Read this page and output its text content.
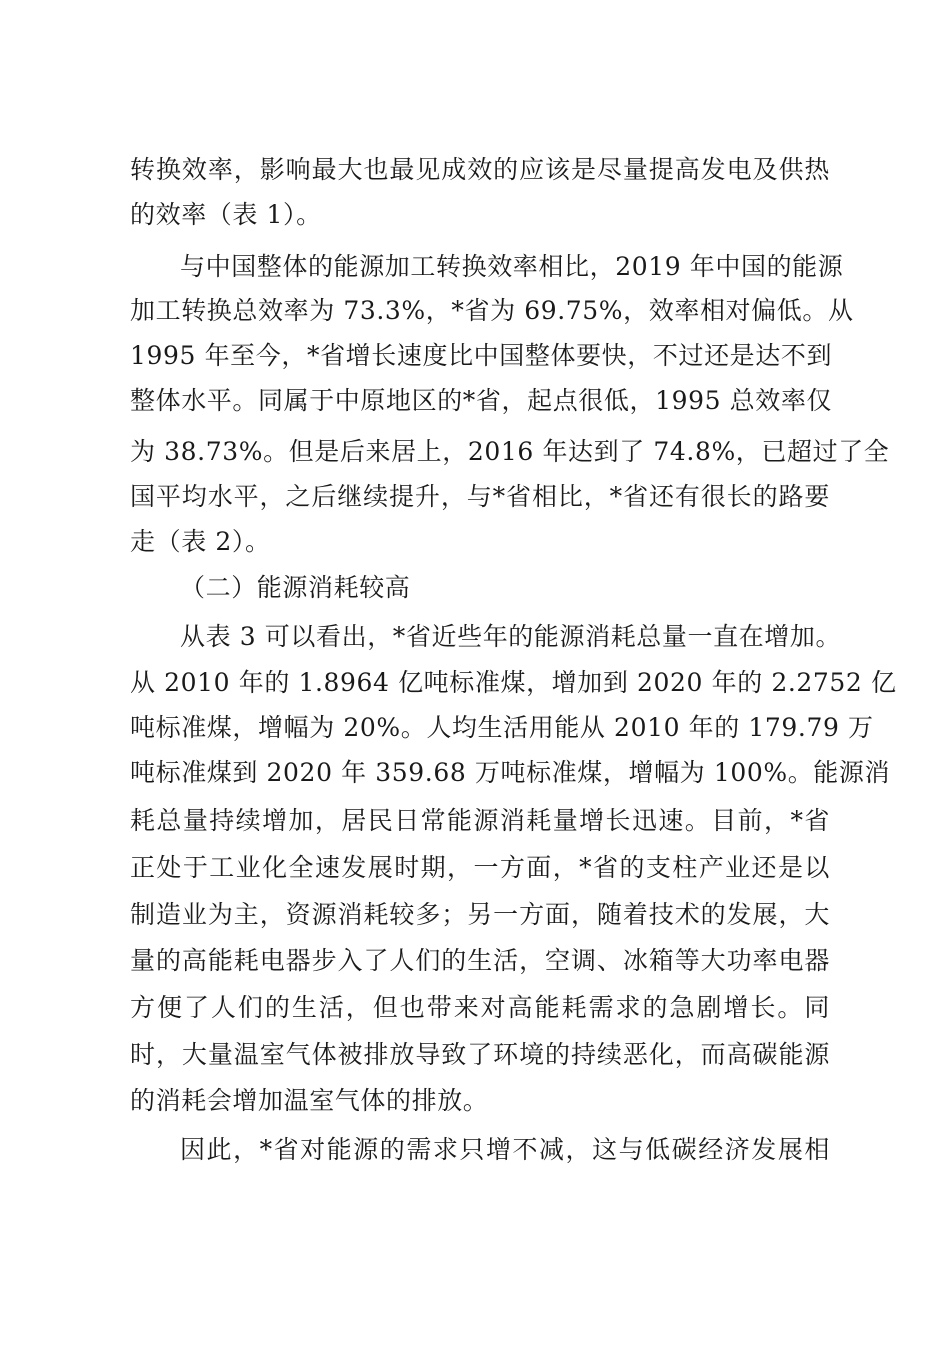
转换效率，影响最大也最见成效的应该是尽量提高发电及供热
的效率（表 1）。
与中国整体的能源加工转换效率相比，2019 年中国的能源
加工转换总效率为 73.3%，*省为 69.75%，效率相对偏低。从
1995 年至今，*省增长速度比中国整体要快，不过还是达不到
整体水平。同属于中原地区的*省，起点很低，1995 总效率仅
为 38.73%。但是后来居上，2016 年达到了 74.8%，已超过了全
国平均水平，之后继续提升，与*省相比，*省还有很长的路要
走（表 2）。
（二）能源消耗较高
从表 3 可以看出，*省近些年的能源消耗总量一直在增加。
从 2010 年的 1.8964 亿吨标准煤，增加到 2020 年的 2.2752 亿
吨标准煤，增幅为 20%。人均生活用能从 2010 年的 179.79 万
吨标准煤到 2020 年 359.68 万吨标准煤，增幅为 100%。能源消
耗总量持续增加，居民日常能源消耗量增长迅速。目前，*省
正处于工业化全速发展时期，一方面，*省的支柱产业还是以
制造业为主，资源消耗较多；另一方面，随着技术的发展，大
量的高能耗电器步入了人们的生活，空调、冰箱等大功率电器
方便了人们的生活，但也带来对高能耗需求的急剧增长。同
时，大量温室气体被排放导致了环境的持续恶化，而高碳能源
的消耗会增加温室气体的排放。
因此，*省对能源的需求只增不减，这与低碳经济发展相
